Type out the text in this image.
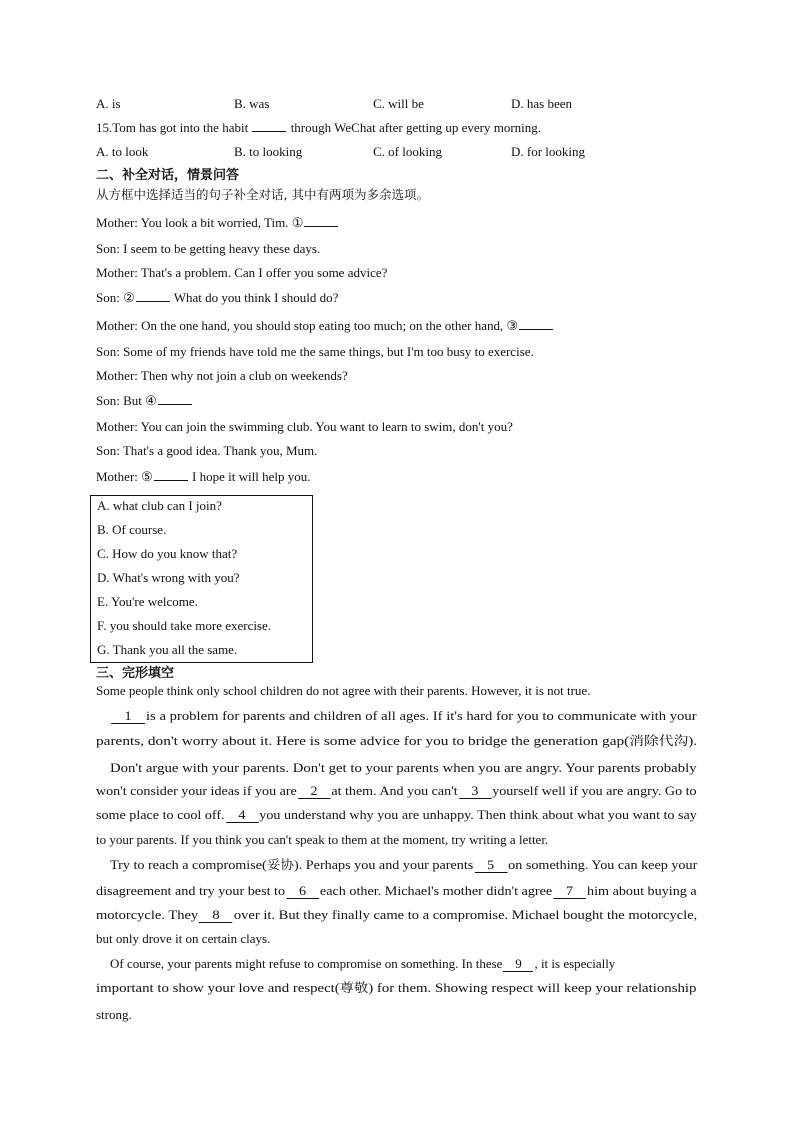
A. is	B. was	C. will be	D. has been
15.Tom has got into the habit	through WeChat after getting up every morning.
A. to look	B. to looking	C. of looking	D. for looking
二、补全对话，情景问答
从方框中选择适当的句子补全对话, 其中有两项为多余选项。
Mother: You look a bit worried, Tim. ①
Son: I seem to be getting heavy these days.
Mother: That's a problem. Can I offer you some advice?
Son: ②	What do you think I should do?
Mother: On the one hand, you should stop eating too much; on the other hand, ③
Son: Some of my friends have told me the same things, but I'm too busy to exercise.
Mother: Then why not join a club on weekends?
Son: But ④
Mother: You can join the swimming club. You want to learn to swim, don't you?
Son: That's a good idea. Thank you, Mum.
Mother: ⑤	I hope it will help you.
A. what club can I join?
B. Of course.
C. How do you know that?
D. What's wrong with you?
E. You're welcome.
F. you should take more exercise.
G. Thank you all the same.
三、完形填空
Some people think only school children do not agree with their parents. However, it is not true.
1 is a problem for parents and children of all ages. If it's hard for you to communicate with your
parents, don't worry about it. Here is some advice for you to bridge the generation gap(消除代沟).
Don't argue with your parents. Don't get to your parents when you are angry. Your parents probably
won't consider your ideas if you are 2 at them. And you can't 3 yourself well if you are angry. Go to
some place to cool off. 4 you understand why you are unhappy. Then think about what you want to say
to your parents. If you think you can't speak to them at the moment, try writing a letter.
Try to reach a compromise(妥协). Perhaps you and your parents 5 on something. You can keep your
disagreement and try your best to 6 each other. Michael's mother didn't agree 7 him about buying a
motorcycle. They 8 over it. But they finally came to a compromise. Michael bought the motorcycle,
but only drove it on certain clays.
Of course, your parents might refuse to compromise on something. In these 9 , it is especially
important to show your love and respect(尊敬) for them. Showing respect will keep your relationship
strong.
